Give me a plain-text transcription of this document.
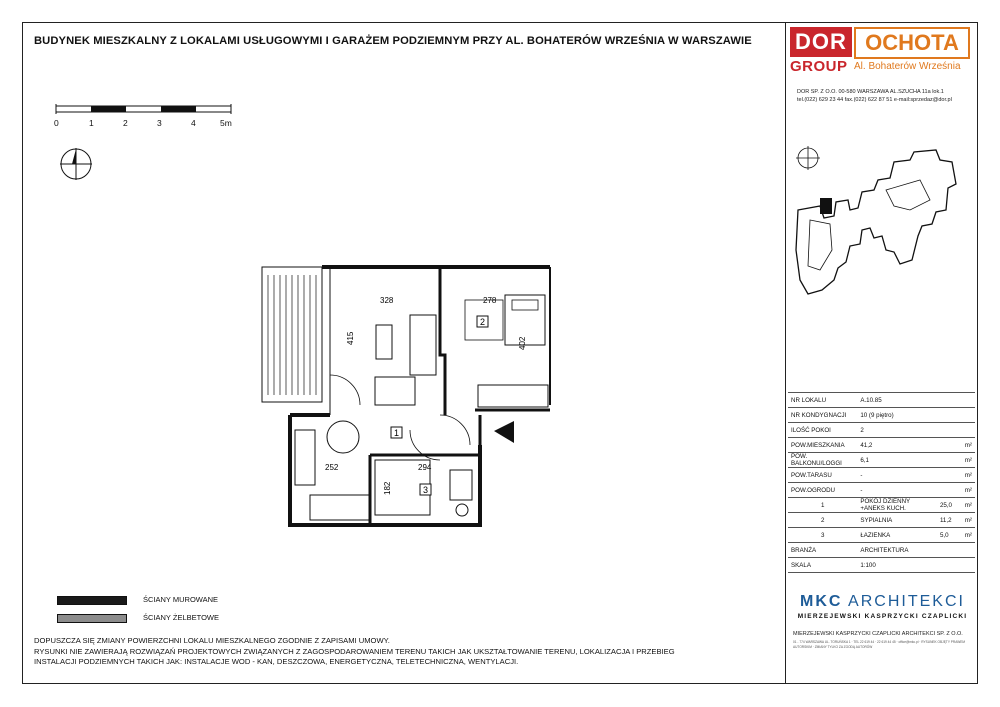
BUDYNEK MIESZKALNY Z LOKALAMI USŁUGOWYMI I GARAŻEM PODZIEMNYM PRZY AL. BOHATERÓW WRZEŚNIA W WARSZAWIE
0	1	2	3	4	5m
DOR OCHOTA
GROUP Al. Bohaterów Września
DOR SP. Z O.O. 00-580 WARSZAWA AL.SZUCHA 11a lok.1
tel.(022) 629 23 44 fax.(022) 622 87 51 e-mail:sprzedaz@dor.pl
328	278
415	402
252	294
182
1
2
3
NR LOKALU	A.10.85		
NR KONDYGNACJI	10 (9 piętro)		
ILOŚĆ POKOI	2		
POW.MIESZKANIA	41,2		m²
POW. BALKONU/LOGGI	6,1		m²
POW.TARASU	-		m²
POW.OGRODU	-		m²
1	POKÓJ DZIENNY +ANEKS KUCH.	25,0	m²
2	SYPIALNIA	11,2	m²
3	ŁAZIENKA	5,0	m²
BRANŻA	ARCHITEKTURA		
SKALA	1:100		
ŚCIANY MUROWANE
ŚCIANY ŻELBETOWE
DOPUSZCZA SIĘ ZMIANY POWIERZCHNI LOKALU MIESZKALNEGO ZGODNIE Z ZAPISAMI UMOWY.
RYSUNKI NIE ZAWIERAJĄ ROZWIĄZAŃ PROJEKTOWYCH ZWIĄZANYCH Z ZAGOSPODAROWANIEM TERENU TAKICH JAK UKSZTAŁTOWANIE TERENU, LOKALIZACJA I PRZEBIEG
INSTALACJI PODZIEMNYCH TAKICH JAK: INSTALACJE WOD - KAN, DESZCZOWA, ENERGETYCZNA, TELETECHNICZNA, WENTYLACJI.
MKC ARCHITEKCI
MIERZEJEWSKI KASPRZYCKI CZAPLICKI
MIERZEJEWSKI KASPRZYCKI CZAPLICKI ARCHITEKCI SP. Z O.O.
01 - 774 WARSZAWA UL. TORUŃSKA 1 · TEL 22 619 44 · 22 619 44 45 · office@mkc.pl · RYSUNEK OBJĘTY PRAWEM AUTORSKIM · ZMIANY TYLKO ZA ZGODĄ AUTORÓW
